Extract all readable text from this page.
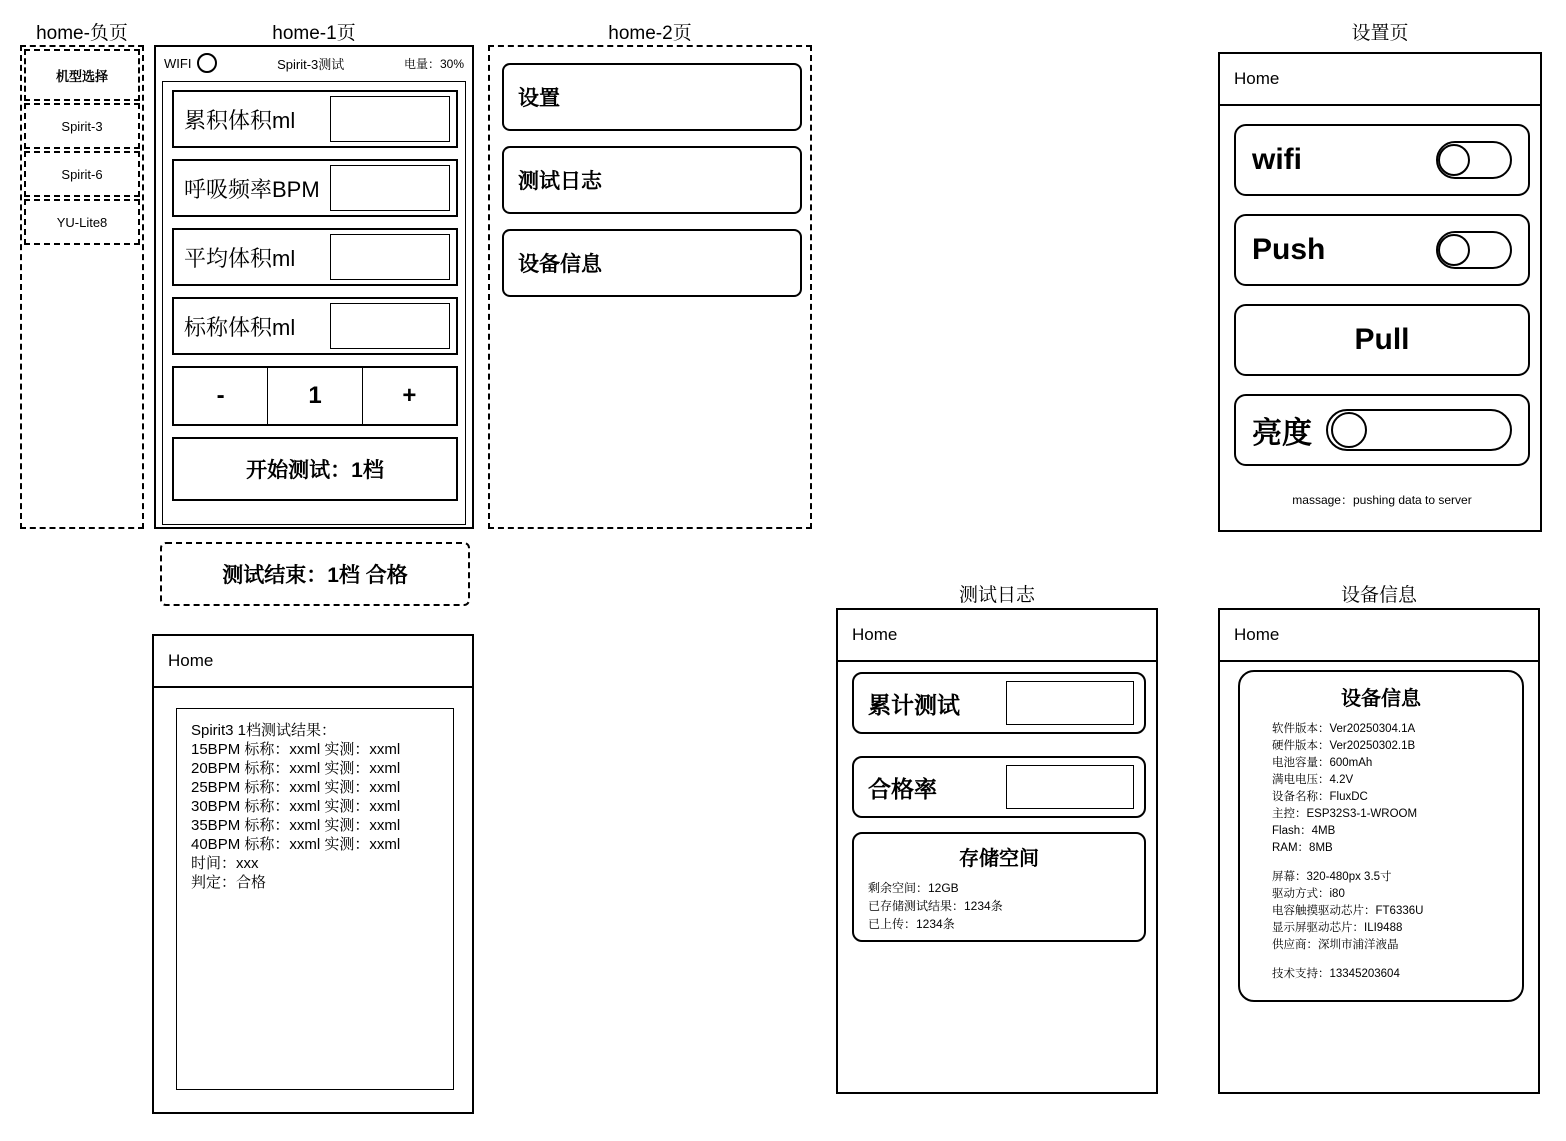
home-负页
机型选择
Spirit-3
Spirit-6
YU-Lite8
home-1页
WIFI	Spirit-3测试	电量：30%
累积体积ml
呼吸频率BPM
平均体积ml
标称体积ml
-	1	+
开始测试：1档
测试结束：1档 合格
home-2页
设置
测试日志
设备信息
设置页
Home
wifi
Push
Pull
亮度
massage：pushing data to server
Home
Spirit3 1档测试结果：
15BPM 标称：xxml 实测：xxml
20BPM 标称：xxml 实测：xxml
25BPM 标称：xxml 实测：xxml
30BPM 标称：xxml 实测：xxml
35BPM 标称：xxml 实测：xxml
40BPM 标称：xxml 实测：xxml
时间：xxx
判定：合格
测试日志
Home
累计测试
合格率
存储空间
剩余空间：12GB
已存储测试结果：1234条
已上传：1234条
设备信息
Home
设备信息
软件版本：Ver20250304.1A
硬件版本：Ver20250302.1B
电池容量：600mAh
满电电压：4.2V
设备名称：FluxDC
主控：ESP32S3-1-WROOM
Flash：4MB
RAM：8MB
屏幕：320-480px 3.5寸
驱动方式：i80
电容触摸驱动芯片：FT6336U
显示屏驱动芯片：ILI9488
供应商：深圳市浦洋液晶
技术支持：13345203604
